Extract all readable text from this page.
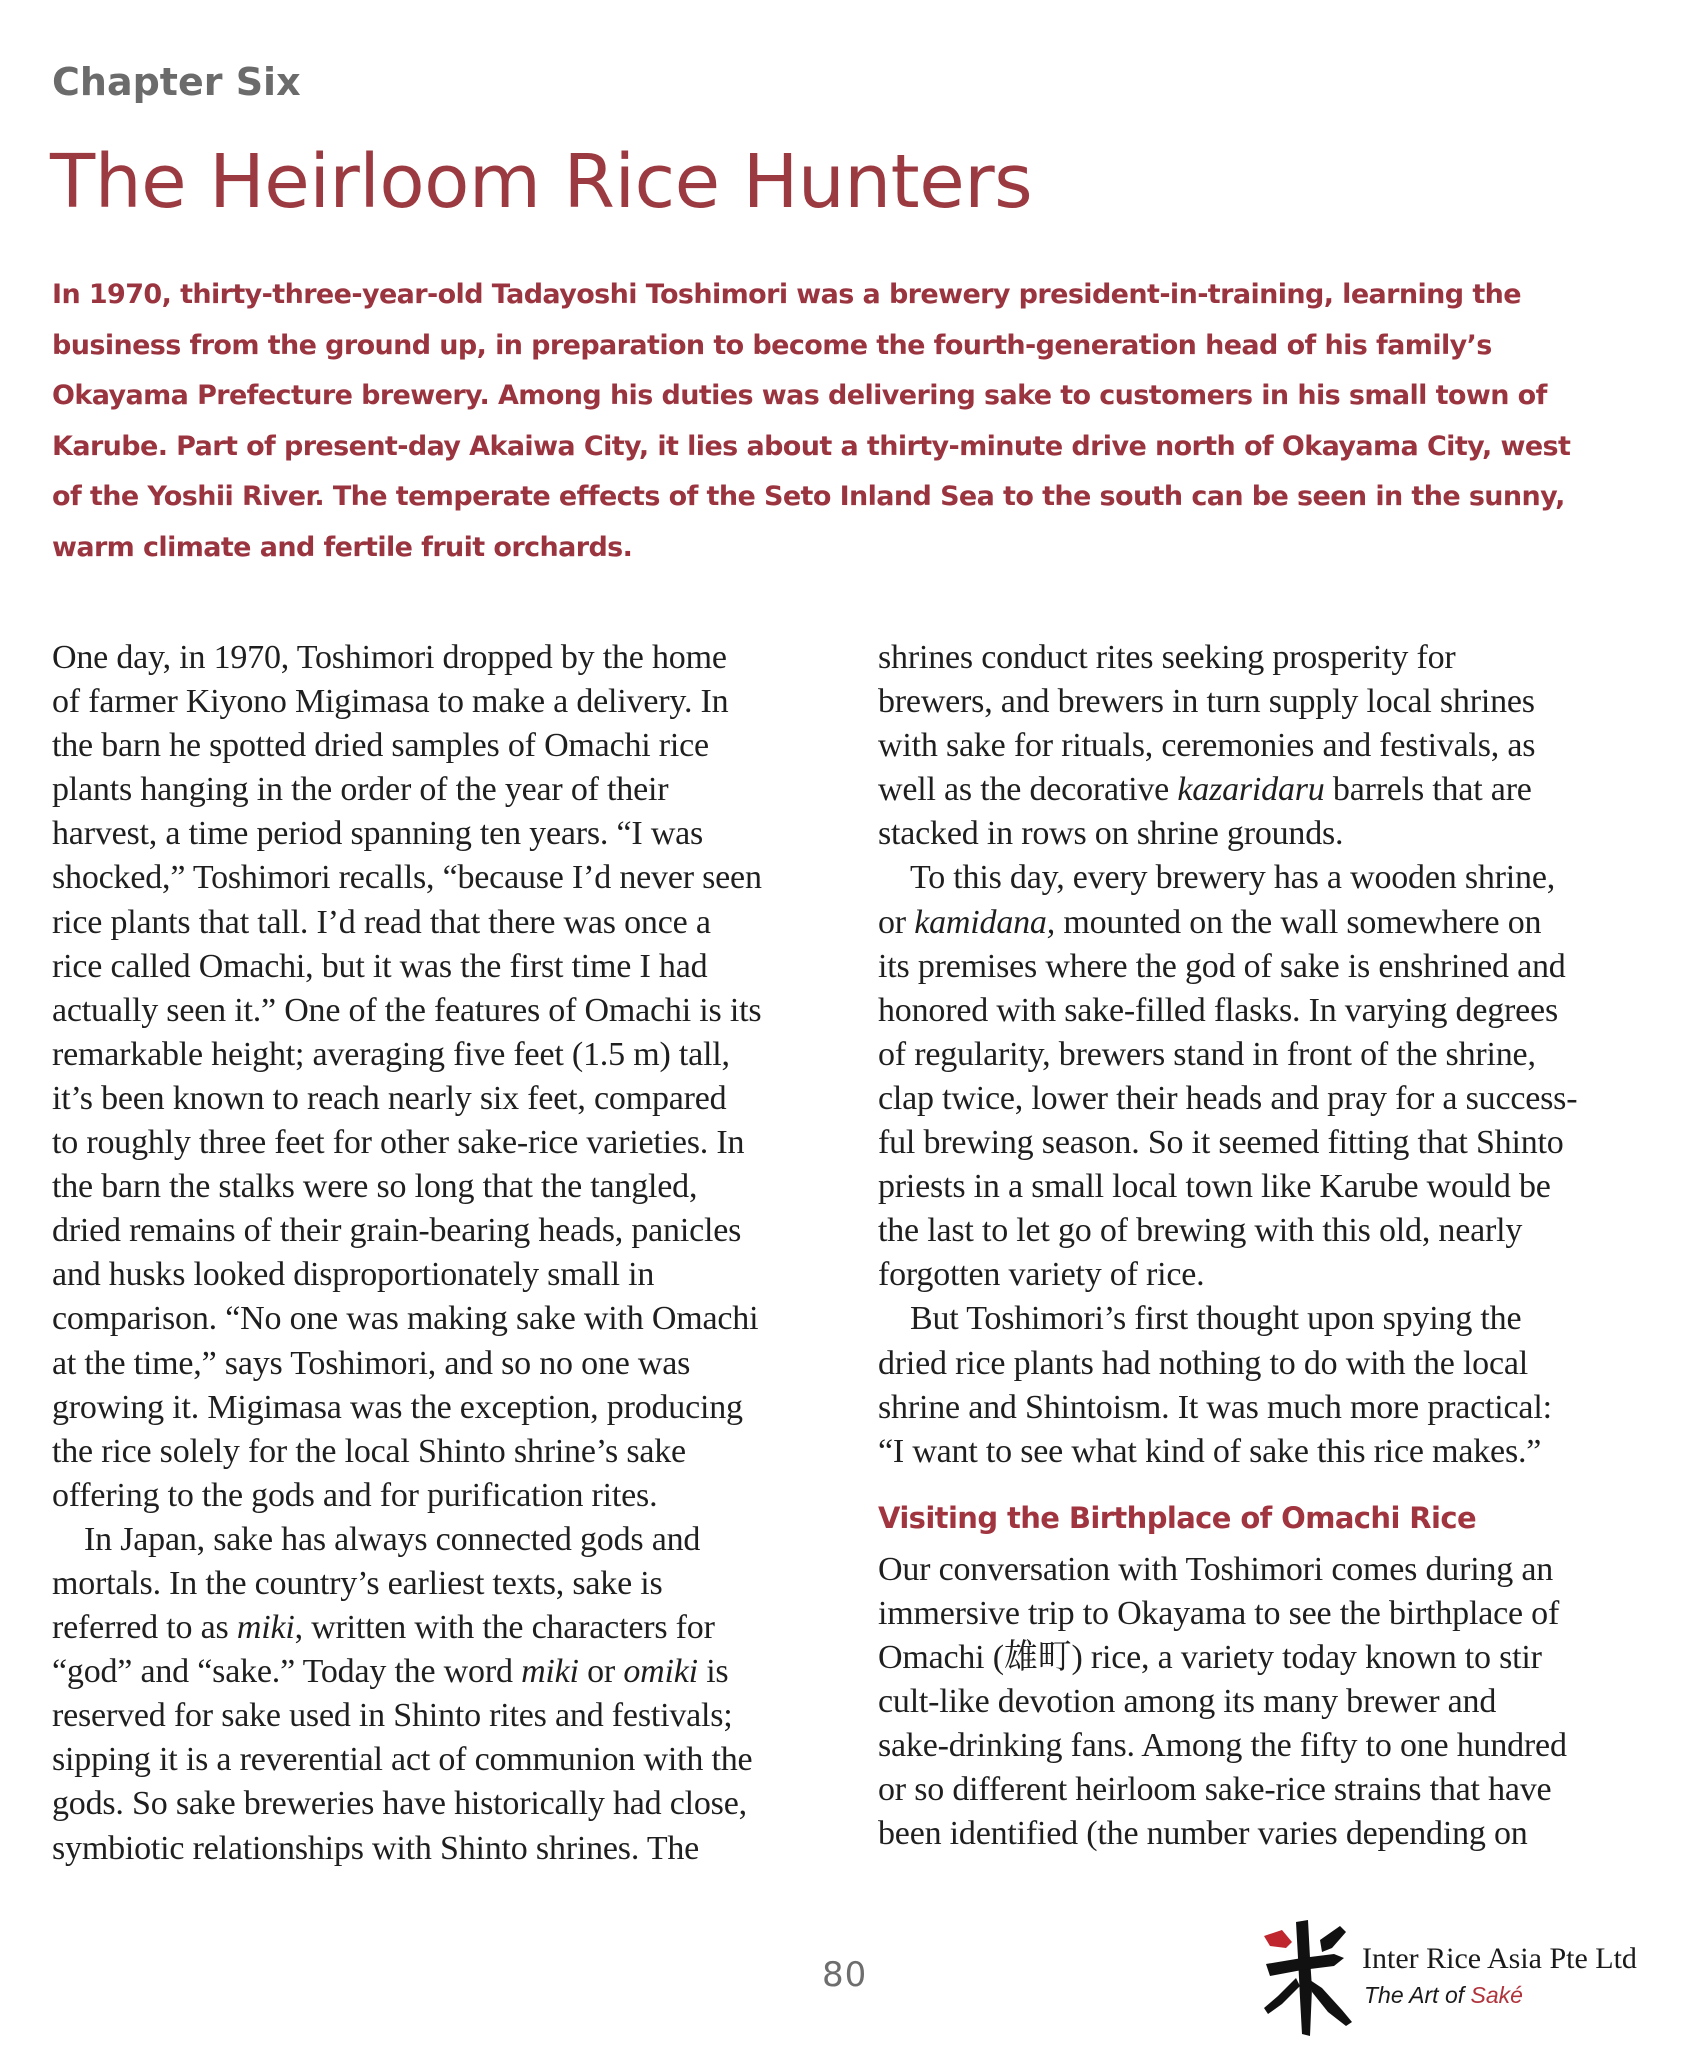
Chapter Six
The Heirloom Rice Hunters
In 1970, thirty-three-year-old Tadayoshi Toshimori was a brewery president-in-training, learning the
business from the ground up, in preparation to become the fourth-generation head of his family’s
Okayama Prefecture brewery. Among his duties was delivering sake to customers in his small town of
Karube. Part of present-day Akaiwa City, it lies about a thirty-minute drive north of Okayama City, west
of the Yoshii River. The temperate effects of the Seto Inland Sea to the south can be seen in the sunny,
warm climate and fertile fruit orchards.
One day, in 1970, Toshimori dropped by the home
of farmer Kiyono Migimasa to make a delivery. In
the barn he spotted dried samples of Omachi rice
plants hanging in the order of the year of their
harvest, a time period spanning ten years. “I was
shocked,” Toshimori recalls, “because I’d never seen
rice plants that tall. I’d read that there was once a
rice called Omachi, but it was the first time I had
actually seen it.” One of the features of Omachi is its
remarkable height; averaging five feet (1.5 m) tall,
it’s been known to reach nearly six feet, compared
to roughly three feet for other sake-rice varieties. In
the barn the stalks were so long that the tangled,
dried remains of their grain-bearing heads, panicles
and husks looked disproportionately small in
comparison. “No one was making sake with Omachi
at the time,” says Toshimori, and so no one was
growing it. Migimasa was the exception, producing
the rice solely for the local Shinto shrine’s sake
offering to the gods and for purification rites.
In Japan, sake has always connected gods and
mortals. In the country’s earliest texts, sake is
referred to as miki, written with the characters for
“god” and “sake.” Today the word miki or omiki is
reserved for sake used in Shinto rites and festivals;
sipping it is a reverential act of communion with the
gods. So sake breweries have historically had close,
symbiotic relationships with Shinto shrines. The
shrines conduct rites seeking prosperity for
brewers, and brewers in turn supply local shrines
with sake for rituals, ceremonies and festivals, as
well as the decorative kazaridaru barrels that are
stacked in rows on shrine grounds.
To this day, every brewery has a wooden shrine,
or kamidana, mounted on the wall somewhere on
its premises where the god of sake is enshrined and
honored with sake-filled flasks. In varying degrees
of regularity, brewers stand in front of the shrine,
clap twice, lower their heads and pray for a success-
ful brewing season. So it seemed fitting that Shinto
priests in a small local town like Karube would be
the last to let go of brewing with this old, nearly
forgotten variety of rice.
But Toshimori’s first thought upon spying the
dried rice plants had nothing to do with the local
shrine and Shintoism. It was much more practical:
“I want to see what kind of sake this rice makes.”
Visiting the Birthplace of Omachi Rice
Our conversation with Toshimori comes during an
immersive trip to Okayama to see the birthplace of
Omachi (雄町) rice, a variety today known to stir
cult-like devotion among its many brewer and
sake-drinking fans. Among the fifty to one hundred
or so different heirloom sake-rice strains that have
been identified (the number varies depending on
80	Inter Rice Asia Pte Ltd
The Art of Saké
